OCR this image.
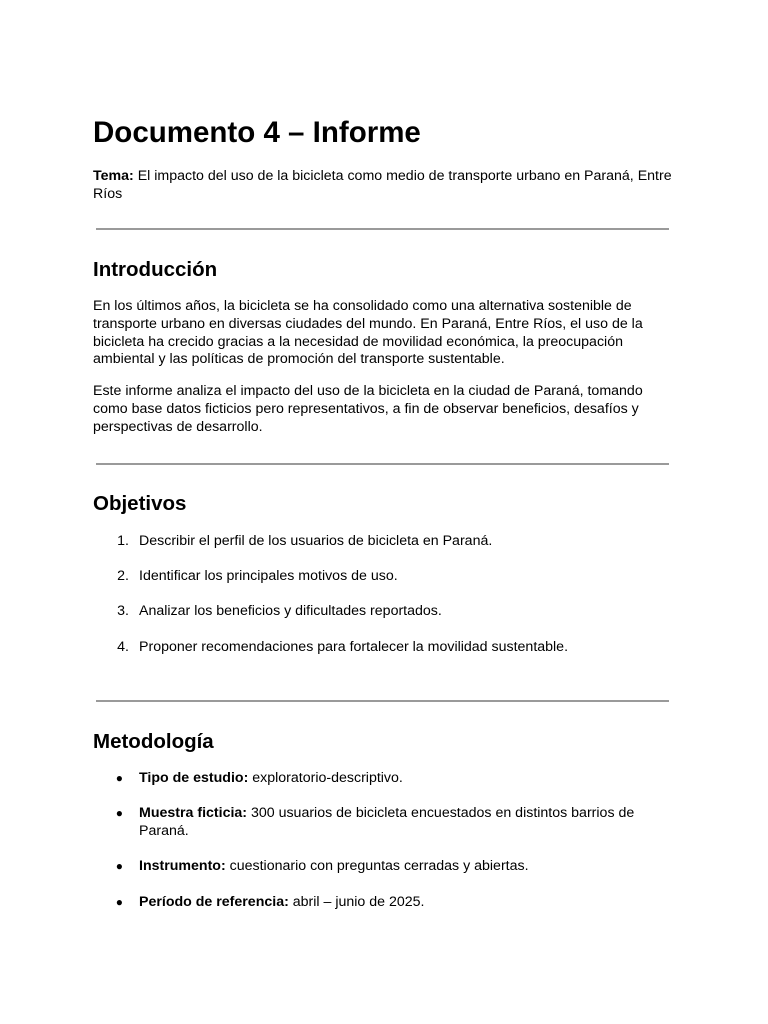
Documento 4 – Informe

Tema: El impacto del uso de la bicicleta como medio de transporte urbano en Paraná, Entre Ríos

Introducción

En los últimos años, la bicicleta se ha consolidado como una alternativa sostenible de transporte urbano en diversas ciudades del mundo. En Paraná, Entre Ríos, el uso de la bicicleta ha crecido gracias a la necesidad de movilidad económica, la preocupación ambiental y las políticas de promoción del transporte sustentable.

Este informe analiza el impacto del uso de la bicicleta en la ciudad de Paraná, tomando como base datos ficticios pero representativos, a fin de observar beneficios, desafíos y perspectivas de desarrollo.

Objetivos
1. Describir el perfil de los usuarios de bicicleta en Paraná.
2. Identificar los principales motivos de uso.
3. Analizar los beneficios y dificultades reportados.
4. Proponer recomendaciones para fortalecer la movilidad sustentable.
Metodología
● Tipo de estudio: exploratorio-descriptivo.
● Muestra ficticia: 300 usuarios de bicicleta encuestados en distintos barrios de Paraná.
● Instrumento: cuestionario con preguntas cerradas y abiertas.
● Período de referencia: abril – junio de 2025.
